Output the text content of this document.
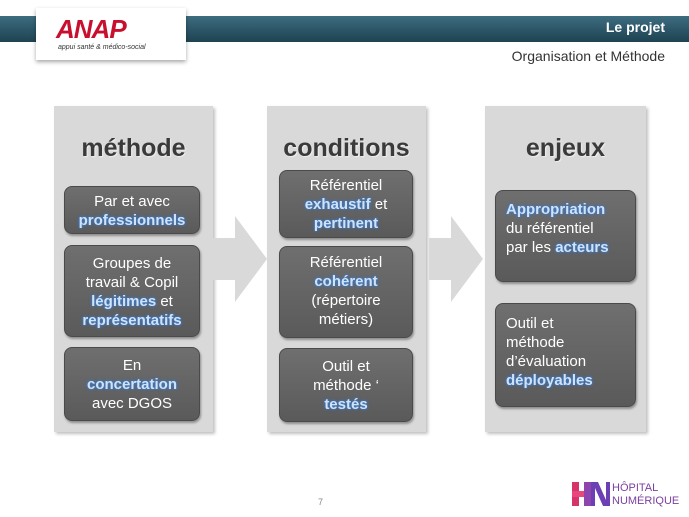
ANAP
appui santé & médico-social
Le projet
Organisation et Méthode
méthode
Par et avec
professionnels
Groupes de
travail & Copil
légitimes et
représentatifs
En
concertation
avec DGOS
conditions
Référentiel
exhaustif et
pertinent
Référentiel
cohérent
(répertoire
métiers)
Outil et
méthode ‘
testés
enjeux
Appropriation
du référentiel
par les acteurs
Outil et
méthode
d’évaluation
déployables
7
HÔPITAL
NUMÉRIQUE
